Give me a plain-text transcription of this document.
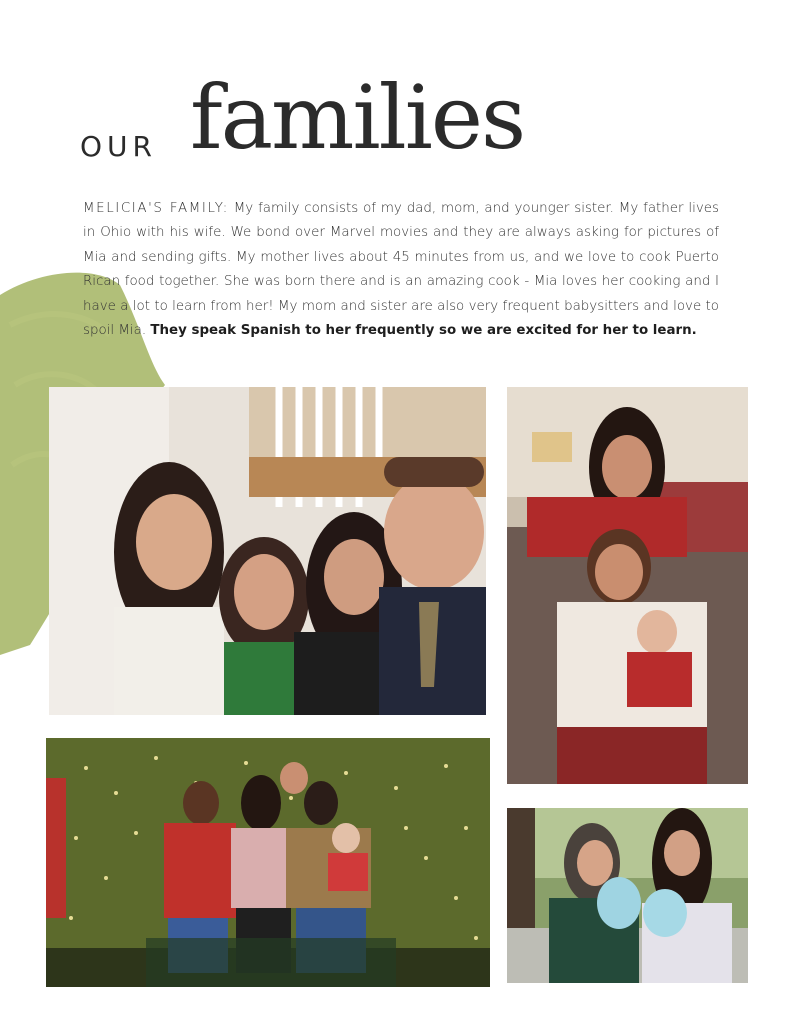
OUR families
MELICIA'S FAMILY: My family consists of my dad, mom, and younger sister. My father lives in Ohio with his wife. We bond over Marvel movies and they are always asking for pictures of Mia and sending gifts. My mother lives about 45 minutes from us, and we love to cook Puerto Rican food together. She was born there and is an amazing cook - Mia loves her cooking and I have a lot to learn from her! My mom and sister are also very frequent babysitters and love to spoil Mia. They speak Spanish to her frequently so we are excited for her to learn.
